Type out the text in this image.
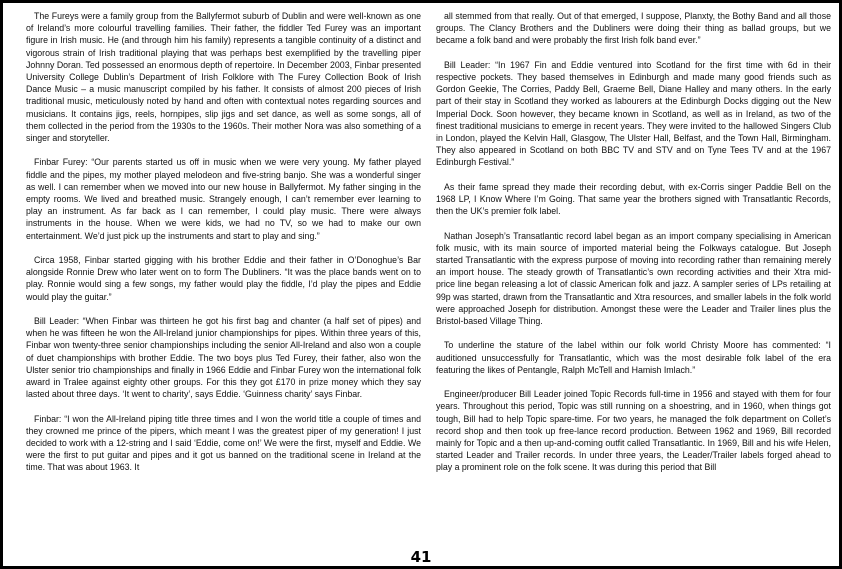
The Fureys were a family group from the Ballyfermot suburb of Dublin and were well-known as one of Ireland’s more colourful travelling families. Their father, the fiddler Ted Furey was an important figure in Irish music. He (and through him his family) represents a tangible continuity of a distinct and vigorous strain of Irish traditional playing that was perhaps best exemplified by the travelling piper Johnny Doran. Ted possessed an enormous depth of repertoire. In December 2003, Finbar presented University College Dublin’s Department of Irish Folklore with The Furey Collection Book of Irish Dance Music – a music manuscript compiled by his father. It consists of almost 200 pieces of Irish traditional music, meticulously noted by hand and often with contextual notes regarding sources and musicians. It contains jigs, reels, hornpipes, slip jigs and set dance, as well as some songs, all of them collected in the period from the 1930s to the 1960s. Their mother Nora was also something of a singer and storyteller.

Finbar Furey: “Our parents started us off in music when we were very young. My father played fiddle and the pipes, my mother played melodeon and five-string banjo. She was a wonderful singer as well. I can remember when we moved into our new house in Ballyfermot. My father singing in the empty rooms. We lived and breathed music. Strangely enough, I can’t remember ever learning to play an instrument. As far back as I can remember, I could play music. There were always instruments in the house. When we were kids, we had no TV, so we had to make our own entertainment. We’d just pick up the instruments and start to play and sing.”

Circa 1958, Finbar started gigging with his brother Eddie and their father in O’Donoghue’s Bar alongside Ronnie Drew who later went on to form The Dubliners. “It was the place bands went on to play. Ronnie would sing a few songs, my father would play the fiddle, I’d play the pipes and Eddie would play the guitar.”

Bill Leader: “When Finbar was thirteen he got his first bag and chanter (a half set of pipes) and when he was fifteen he won the All-Ireland junior championships for pipes. Within three years of this, Finbar won twenty-three senior championships including the senior All-Ireland and also won a couple of duet championships with brother Eddie. The two boys plus Ted Furey, their father, also won the Ulster senior trio championships and finally in 1966 Eddie and Finbar Furey won the international folk award in Tralee against eighty other groups. For this they got £170 in prize money which they say lasted about three days. ‘It went to charity’, says Eddie. ‘Guinness charity’ says Finbar.

Finbar: “I won the All-Ireland piping title three times and I won the world title a couple of times and they crowned me prince of the pipers, which meant I was the greatest piper of my generation! I just decided to work with a 12-string and I said ‘Eddie, come on!’ We were the first, myself and Eddie. We were the first to put guitar and pipes and it got us banned on the traditional scene in Ireland at the time. That was about 1963. It

all stemmed from that really. Out of that emerged, I suppose, Planxty, the Bothy Band and all those groups. The Clancy Brothers and the Dubliners were doing their thing as ballad groups, but we became a folk band and were probably the first Irish folk band ever.”

Bill Leader: “In 1967 Fin and Eddie ventured into Scotland for the first time with 6d in their respective pockets. They based themselves in Edinburgh and made many good friends such as Gordon Geekie, The Corries, Paddy Bell, Graeme Bell, Diane Halley and many others. In the early part of their stay in Scotland they worked as labourers at the Edinburgh Docks digging out the New Imperial Dock. Soon however, they became known in Scotland, as well as in Ireland, as two of the finest traditional musicians to emerge in recent years. They were invited to the hallowed Singers Club in London, played the Kelvin Hall, Glasgow, The Ulster Hall, Belfast, and the Town Hall, Birmingham. They also appeared in Scotland on both BBC TV and STV and on Tyne Tees TV and at the 1967 Edinburgh Festival.”

As their fame spread they made their recording debut, with ex-Corris singer Paddie Bell on the 1968 LP, I Know Where I’m Going. That same year the brothers signed with Transatlantic Records, then the UK’s premier folk label.

Nathan Joseph’s Transatlantic record label began as an import company specialising in American folk music, with its main source of imported material being the Folkways catalogue. But Joseph started Transatlantic with the express purpose of moving into recording rather than remaining merely an import house. The steady growth of Transatlantic’s own recording activities and their Xtra mid-price line began releasing a lot of classic American folk and jazz. A sampler series of LPs retailing at 99p was started, drawn from the Transatlantic and Xtra resources, and smaller labels in the folk world were approached Joseph for distribution. Amongst these were the Leader and Trailer lines plus the Bristol-based Village Thing.

To underline the stature of the label within our folk world Christy Moore has commented: “I auditioned unsuccessfully for Transatlantic, which was the most desirable folk label of the era featuring the likes of Pentangle, Ralph McTell and Hamish Imlach.”

Engineer/producer Bill Leader joined Topic Records full-time in 1956 and stayed with them for four years. Throughout this period, Topic was still running on a shoestring, and in 1960, when things got tough, Bill had to help Topic spare-time. For two years, he managed the folk department on Collet’s record shop and then took up free-lance record production. Between 1962 and 1969, Bill recorded mainly for Topic and a then up-and-coming outfit called Transatlantic. In 1969, Bill and his wife Helen, started Leader and Trailer records. In under three years, the Leader/Trailer labels forged ahead to play a prominent role on the folk scene. It was during this period that Bill

41
